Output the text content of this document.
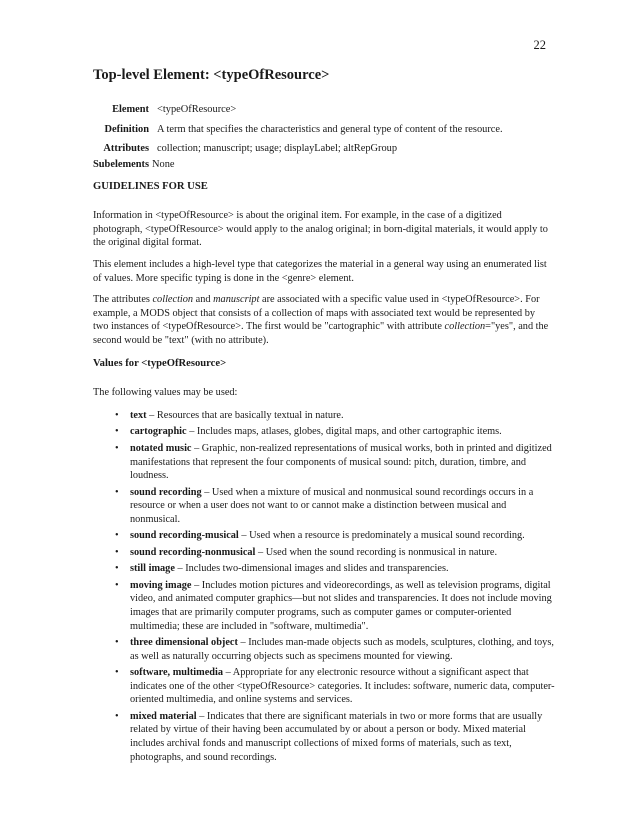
22
Top-level Element: <typeOfResource>
Element <typeOfResource>
Definition A term that specifies the characteristics and general type of content of the resource.
Attributes collection; manuscript; usage; displayLabel; altRepGroup
Subelements None
GUIDELINES FOR USE

Information in <typeOfResource> is about the original item. For example, in the case of a digitized photograph, <typeOfResource> would apply to the analog original; in born-digital materials, it would apply to the original digital format.

This element includes a high-level type that categorizes the material in a general way using an enumerated list of values. More specific typing is done in the <genre> element.

The attributes collection and manuscript are associated with a specific value used in <typeOfResource>. For example, a MODS object that consists of a collection of maps with associated text would be represented by two instances of <typeOfResource>. The first would be "cartographic" with attribute collection="yes", and the second would be "text" (with no attribute).

Values for <typeOfResource>
The following values may be used:
• text – Resources that are basically textual in nature.
• cartographic – Includes maps, atlases, globes, digital maps, and other cartographic items.
• notated music – Graphic, non-realized representations of musical works, both in printed and digitized manifestations that represent the four components of musical sound: pitch, duration, timbre, and loudness.
• sound recording – Used when a mixture of musical and nonmusical sound recordings occurs in a resource or when a user does not want to or cannot make a distinction between musical and nonmusical.
• sound recording-musical – Used when a resource is predominately a musical sound recording.
• sound recording-nonmusical – Used when the sound recording is nonmusical in nature.
• still image – Includes two-dimensional images and slides and transparencies.
• moving image – Includes motion pictures and videorecordings, as well as television programs, digital video, and animated computer graphics—but not slides and transparencies. It does not include moving images that are primarily computer programs, such as computer games or computer-oriented multimedia; these are included in "software, multimedia".
• three dimensional object – Includes man-made objects such as models, sculptures, clothing, and toys, as well as naturally occurring objects such as specimens mounted for viewing.
• software, multimedia – Appropriate for any electronic resource without a significant aspect that indicates one of the other <typeOfResource> categories. It includes: software, numeric data, computer-oriented multimedia, and online systems and services.
• mixed material – Indicates that there are significant materials in two or more forms that are usually related by virtue of their having been accumulated by or about a person or body. Mixed material includes archival fonds and manuscript collections of mixed forms of materials, such as text, photographs, and sound recordings.
